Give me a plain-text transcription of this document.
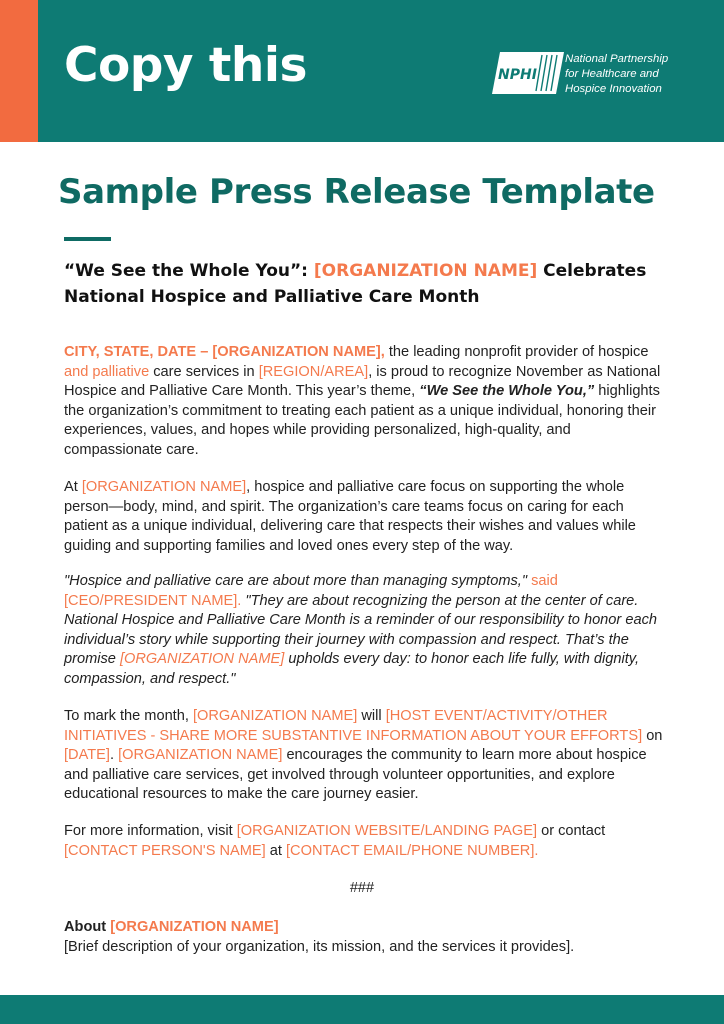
Copy this	NPHI
National Partnership
for Healthcare and
Hospice Innovation
Sample Press Release Template
“We See the Whole You”: [ORGANIZATION NAME] Celebrates National Hospice and Palliative Care Month
CITY, STATE, DATE – [ORGANIZATION NAME], the leading nonprofit provider of hospice and palliative care services in [REGION/AREA], is proud to recognize November as National Hospice and Palliative Care Month. This year’s theme, “We See the Whole You,” highlights the organization’s commitment to treating each patient as a unique individual, honoring their experiences, values, and hopes while providing personalized, high-quality, and compassionate care.
At [ORGANIZATION NAME], hospice and palliative care focus on supporting the whole person—body, mind, and spirit. The organization’s care teams focus on caring for each patient as a unique individual, delivering care that respects their wishes and values while guiding and supporting families and loved ones every step of the way.
"Hospice and palliative care are about more than managing symptoms," said [CEO/PRESIDENT NAME]. "They are about recognizing the person at the center of care. National Hospice and Palliative Care Month is a reminder of our responsibility to honor each individual’s story while supporting their journey with compassion and respect. That’s the promise [ORGANIZATION NAME] upholds every day: to honor each life fully, with dignity, compassion, and respect."
To mark the month, [ORGANIZATION NAME] will [HOST EVENT/ACTIVITY/OTHER INITIATIVES - SHARE MORE SUBSTANTIVE INFORMATION ABOUT YOUR EFFORTS] on [DATE]. [ORGANIZATION NAME] encourages the community to learn more about hospice and palliative care services, get involved through volunteer opportunities, and explore educational resources to make the care journey easier.
For more information, visit [ORGANIZATION WEBSITE/LANDING PAGE] or contact [CONTACT PERSON'S NAME] at [CONTACT EMAIL/PHONE NUMBER].
###
About [ORGANIZATION NAME]
[Brief description of your organization, its mission, and the services it provides].
